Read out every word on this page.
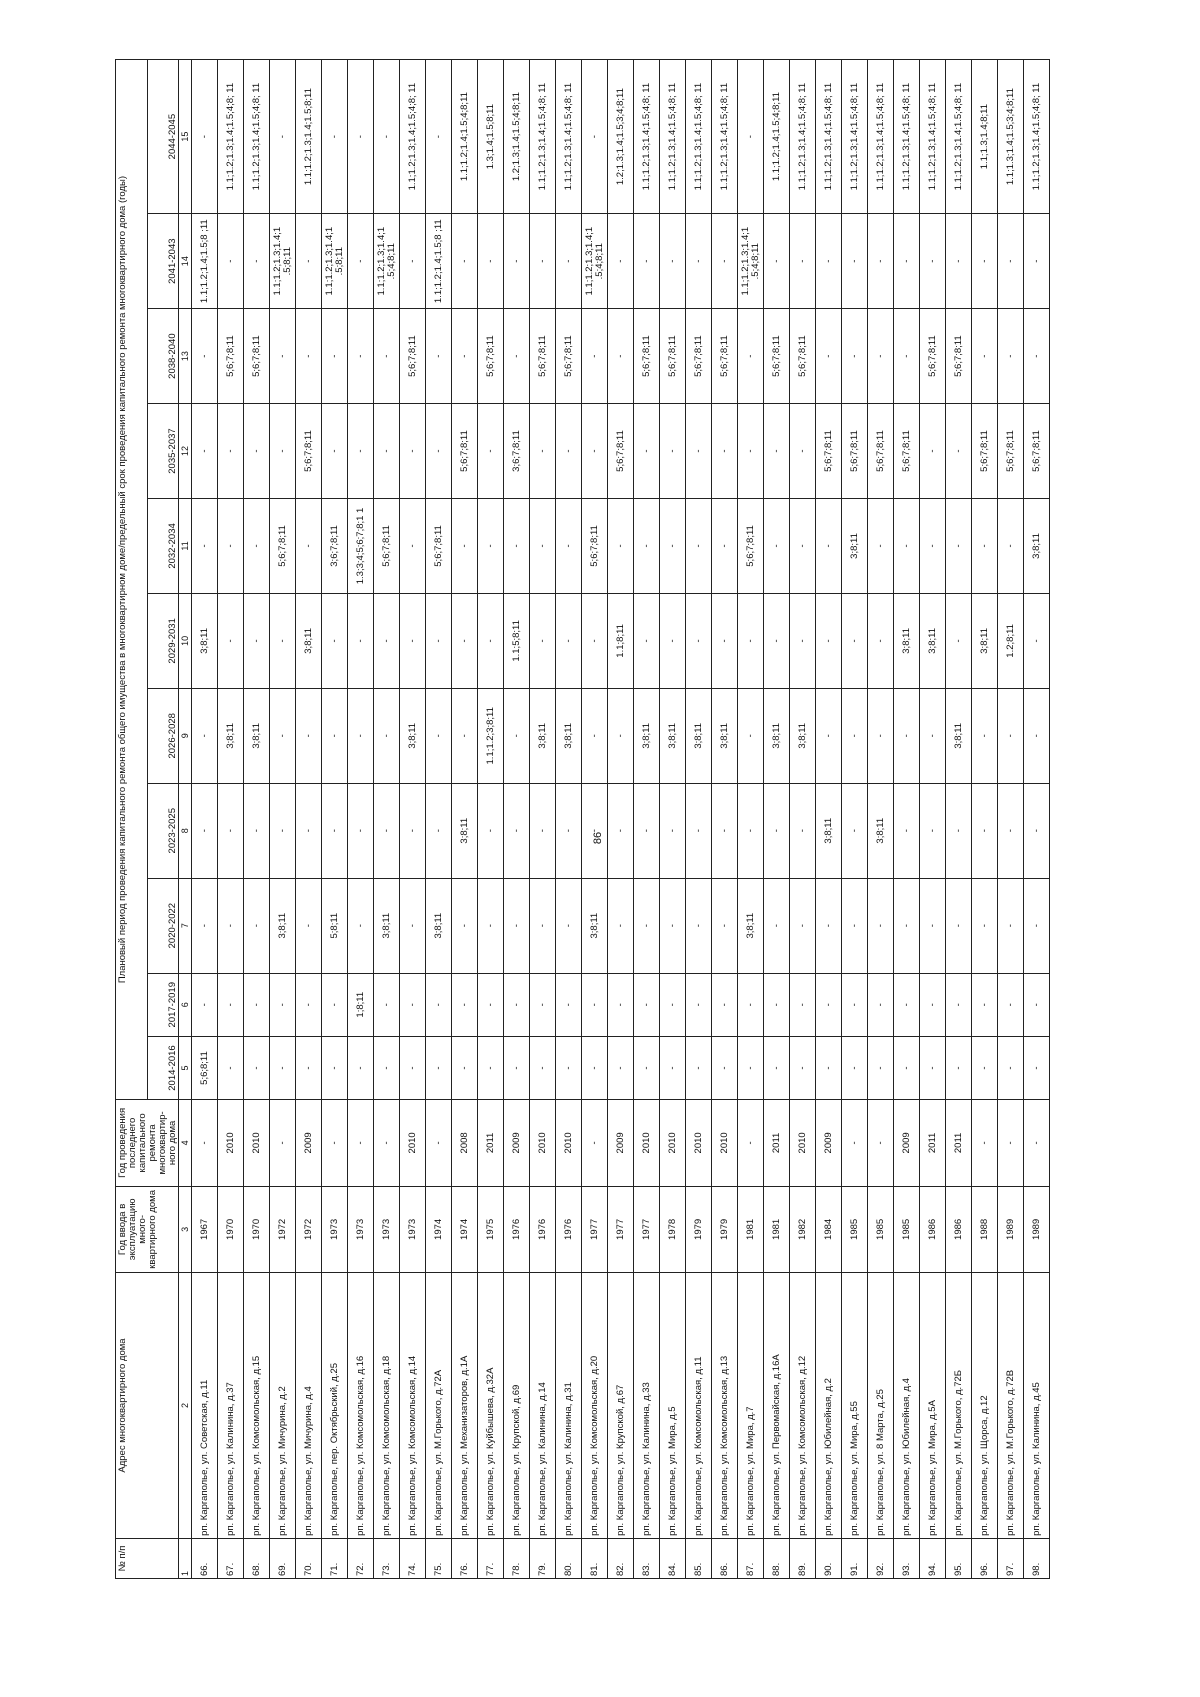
86
№ п/п	Адрес многоквартирного дома	Год ввода в эксплуатацию много-квартирного дома	Год проведения последнего капитального ремонта многоквартир-ного дома	Плановый период проведения капитального ремонта общего имущества в многоквартирном доме/предельный срок проведения капитального ремонта многоквартирного дома (годы)										
				2014-2016	2017-2019	2020-2022	2023-2025	2026-2028	2029-2031	2032-2034	2035-2037	2038-2040	2041-2043	2044-2045
1	2	3	4	5	6	7	8	9	10	11	12	13	14	15
66.	рп. Каргаполье, ул. Советская, д.11	1967	-	5;6;8;11	-	-	-	-	3;8;11	-	-	-	1.1;1.2;1.4;1.5;8 ;11	-
67.	рп. Каргаполье, ул. Калинина, д.37	1970	2010	-	-	-	-	3;8;11	-	-	-	5;6;7;8;11	-	1.1;1.2;1.3;1.4;1.5;4;8; 11
68.	рп. Каргаполье, ул. Комсомольская, д.15	1970	2010	-	-	-	-	3;8;11	-	-	-	5;6;7;8;11	-	1.1;1.2;1.3;1.4;1.5;4;8; 11
69.	рп. Каргаполье, ул. Мичурина, д.2	1972	-	-	-	3;8;11	-	-	-	5;6;7;8;11	-	-	1.1;1.2;1.3;1.4;1 .5;8;11	-
70.	рп. Каргаполье, ул. Мичурина, д.4	1972	2009	-	-	-	-	-	3;8;11	-	5;6;7;8;11	-	-	1.1;1.2;1.3;1.4;1.5;8;11
71.	рп. Каргаполье, пер. Октябрьский, д.25	1973	-	-	-	5;8;11	-	-	-	3;6;7;8;11	-	-	1.1;1.2;1.3;1.4;1 .5;8;11	-
72.	рп. Каргаполье, ул. Комсомольская, д.16	1973	-	-	1;8;11	-	-	-	-	1.3;3;4;5;6;7;8;1 1	-	-	-	-
73.	рп. Каргаполье, ул. Комсомольская, д.18	1973	-	-	-	3;8;11	-	-	-	5;6;7;8;11	-	-	1.1;1.2;1.3;1.4;1 .5;4;8;11	-
74.	рп. Каргаполье, ул. Комсомольская, д.14	1973	2010	-	-	-	-	3;8;11	-	-	-	5;6;7;8;11	-	1.1;1.2;1.3;1.4;1.5;4;8; 11
75.	рп. Каргаполье, ул. М.Горького, д.72А	1974	-	-	-	3;8;11	-	-	-	5;6;7;8;11	-	-	1.1;1.2;1.4;1.5;8 ;11	-
76.	рп. Каргаполье, ул. Механизаторов, д.1А	1974	2008	-	-	-	3;8;11	-	-	-	5;6;7;8;11	-	-	1.1;1.2;1.4;1.5;4;8;11
77.	рп. Каргаполье, ул. Куйбышева, д.32А	1975	2011	-	-	-	-	1.1;1.2;3;8;11	-	-	-	5;6;7;8;11	-	1.3;1.4;1.5;8;11
78.	рп. Каргаполье, ул. Крупской, д.69	1976	2009	-	-	-	-	-	1.1;5;8;11	-	3;6;7;8;11	-	-	1.2;1.3;1.4;1.5;4;8;11
79.	рп. Каргаполье, ул. Калинина, д.14	1976	2010	-	-	-	-	3;8;11	-	-	-	5;6;7;8;11	-	1.1;1.2;1.3;1.4;1.5;4;8; 11
80.	рп. Каргаполье, ул. Калинина, д.31	1976	2010	-	-	-	-	3;8;11	-	-	-	5;6;7;8;11	-	1.1;1.2;1.3;1.4;1.5;4;8; 11
81.	рп. Каргаполье, ул. Комсомольская, д.20	1977	-	-	-	3;8;11	-	-	-	5;6;7;8;11	-	-	1.1;1.2;1.3;1.4;1 .5;4;8;11	-
82.	рп. Каргаполье, ул. Крупской, д.67	1977	2009	-	-	-	-	-	1.1;8;11	-	5;6;7;8;11	-	-	1.2;1.3;1.4;1.5;3;4;8;11
83.	рп. Каргаполье, ул. Калинина, д.33	1977	2010	-	-	-	-	3;8;11	-	-	-	5;6;7;8;11	-	1.1;1.2;1.3;1.4;1.5;4;8; 11
84.	рп. Каргаполье, ул. Мира, д.5	1978	2010	-	-	-	-	3;8;11	-	-	-	5;6;7;8;11	-	1.1;1.2;1.3;1.4;1.5;4;8; 11
85.	рп. Каргаполье, ул. Комсомольская, д.11	1979	2010	-	-	-	-	3;8;11	-	-	-	5;6;7;8;11	-	1.1;1.2;1.3;1.4;1.5;4;8; 11
86.	рп. Каргаполье, ул. Комсомольская, д.13	1979	2010	-	-	-	-	3;8;11	-	-	-	5;6;7;8;11	-	1.1;1.2;1.3;1.4;1.5;4;8; 11
87.	рп. Каргаполье, ул. Мира, д.7	1981	-	-	-	3;8;11	-	-	-	5;6;7;8;11	-	-	1.1;1.2;1.3;1.4;1 .5;4;8;11	-
88.	рп. Каргаполье, ул. Первомайская, д.16А	1981	2011	-	-	-	-	3;8;11	-	-	-	5;6;7;8;11	-	1.1;1.2;1.4;1.5;4;8;11
89.	рп. Каргаполье, ул. Комсомольская, д.12	1982	2010	-	-	-	-	3;8;11	-	-	-	5;6;7;8;11	-	1.1;1.2;1.3;1.4;1.5;4;8; 11
90.	рп. Каргаполье, ул. Юбилейная, д.2	1984	2009	-	-	-	3;8;11	-	-	-	5;6;7;8;11	-	-	1.1;1.2;1.3;1.4;1.5;4;8; 11
91.	рп. Каргаполье, ул. Мира, д.55	1985	-	-	-	-	-	-	-	3;8;11	5;6;7;8;11	-	-	1.1;1.2;1.3;1.4;1.5;4;8; 11
92.	рп. Каргаполье, ул. 8 Марта, д.25	1985	-	-	-	-	3;8;11	-	-	-	5;6;7;8;11	-	-	1.1;1.2;1.3;1.4;1.5;4;8; 11
93.	рп. Каргаполье, ул. Юбилейная, д.4	1985	2009	-	-	-	-	-	3;8;11	-	5;6;7;8;11	-	-	1.1;1.2;1.3;1.4;1.5;4;8; 11
94.	рп. Каргаполье, ул. Мира, д.5А	1986	2011	-	-	-	-	-	3;8;11	-	-	5;6;7;8;11	-	1.1;1.2;1.3;1.4;1.5;4;8; 11
95.	рп. Каргаполье, ул. М.Горького, д.72Б	1986	2011	-	-	-	-	3;8;11	-	-	-	5;6;7;8;11	-	1.1;1.2;1.3;1.4;1.5;4;8; 11
96.	рп. Каргаполье, ул. Щорса, д.12	1988	-	-	-	-	-	-	3;8;11	-	5;6;7;8;11	-	-	1.1;1.3;1.4;8;11
97.	рп. Каргаполье, ул. М.Горького, д.72В	1989	-	-	-	-	-	-	1.2;8;11	-	5;6;7;8;11	-	-	1.1;1.3;1.4;1.5;3;4;8;11
98.	рп. Каргаполье, ул. Калинина, д.45	1989	-	-	-	-	-	-	-	3;8;11	5;6;7;8;11	-	-	1.1;1.2;1.3;1.4;1.5;4;8; 11
